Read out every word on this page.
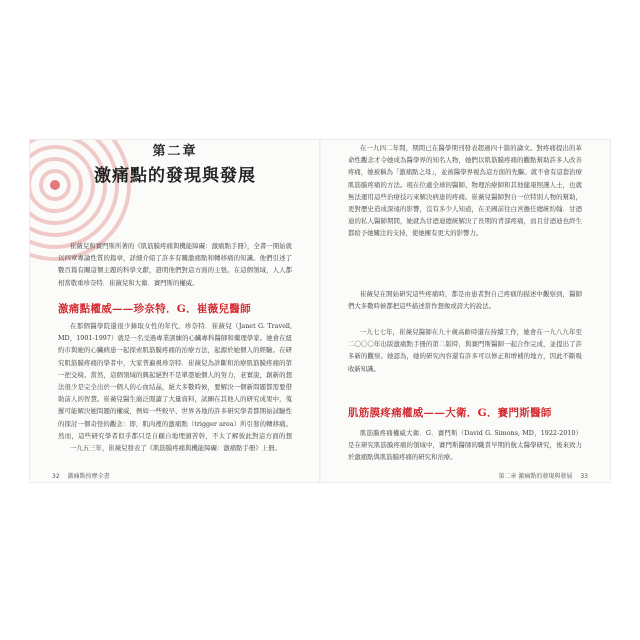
第二章
激痛點的發現與發展

崔薇兒和賽門斯所著的《肌筋膜疼痛與機能障礙：激痛點手冊》，全書一開始就以四章專論性質的篇章，詳細介紹了許多有關激痛點和轉移痛的知識。他們引述了數百篇有關這個主題的科學文獻，證明他們對這方面的主張。在這個領域，人人都相當敬重珍奈特．崔薇兒和大衛．賽門斯的權威。

激痛點權威——珍奈特．G．崔薇兒醫師

在那個醫學院還很少錄取女性的年代，珍奈特．崔薇兒（Janet G. Travell, MD，1901-1997）就是一名受過專業訓練的心臟專科醫師和藥理學家。她會在紐約市與她的心臟病患一起探索肌筋膜疼痛的治療方法，起源於她個人的經驗。在研究肌筋膜疼痛的學者中，大家普遍視珍奈特．崔薇兒為診斷和治療肌筋膜疼痛的第一把交椅。當然，這個領域的興起絕對不是單憑她個人的努力，老實說，創新的想法很少是完全出於一個人的心血結晶，絕大多數時候，要解決一個新問題都需要借助前人的智慧。崔薇兒醫生廣泛閱讀了大量資料，試圖在其他人的研究成果中，蒐羅可能解決她問題的權威，例如一些較早、世界各地的許多研究學者都開始試驗性的探討一個奇怪的觀念：即，肌肉裡的激痛點（trigger area）所引發的轉移痛。然而，這些研究學者似乎都只是自顧自地埋頭苦幹，不太了解彼此對這方面的想

一九五三年，崔薇兒發表了《肌筋膜疼痛與機能障礙：激痛點手冊》上冊。

32 激痛點按摩全書

在一九四二年間，期間已在醫學期刊發表超過四十篇的論文。對疼痛提出的革命性觀念才令她成為醫學界的知名人物，她們以肌筋膜疼痛的觀點幫助許多人改善疼痛，她被稱為「激痛點之母」，並被醫學界視為這方面的先驅。就不會有這套治療肌筋膜疼痛的方法。現在位處全球的醫師、物理治療師和其他健康照護人士，也就無法運用這些治療技巧來解決病患的疼痛。崔薇兒醫師對自一位特別人物的幫助，更對歷史造成深遠的影響，沒有多少人知道，在美國前往白宮擔任總統約翰．甘迺迪的私人醫師期間，她就為甘迺迪總統解決了長期的背部疼痛，而且甘迺迪也終生都給予她關注的支持，使她擁有更大的影響力。

崔薇兒在開始研究這些疼痛時，都是由患者對自己疼痛的描述中觀察到，醫師們大多數時候都把這些描述當作想像或誇大的說法。

一九七七年，崔薇兒醫師在九十歲高齡時還在持續工作，她會在一九八九年至二〇〇〇年出版激痛點手冊的第二版時，與賽門斯醫師一起合作完成，並提出了許多新的觀察。她認為，她的研究內容還有許多可以修正和增補的地方，因此不斷吸收新知識。

肌筋膜疼痛權威——大衛．G．賽門斯醫師

肌筋膜疼痛權威大衛．G．賽門斯（David G. Simons, MD，1922-2010）是在研究肌筋膜疼痛的領域中，賽門斯醫師的職責早期的航太醫學研究，後來致力於激痛點與肌筋膜疼痛的研究和治療。

第二章 激痛點的發現與發展 33
